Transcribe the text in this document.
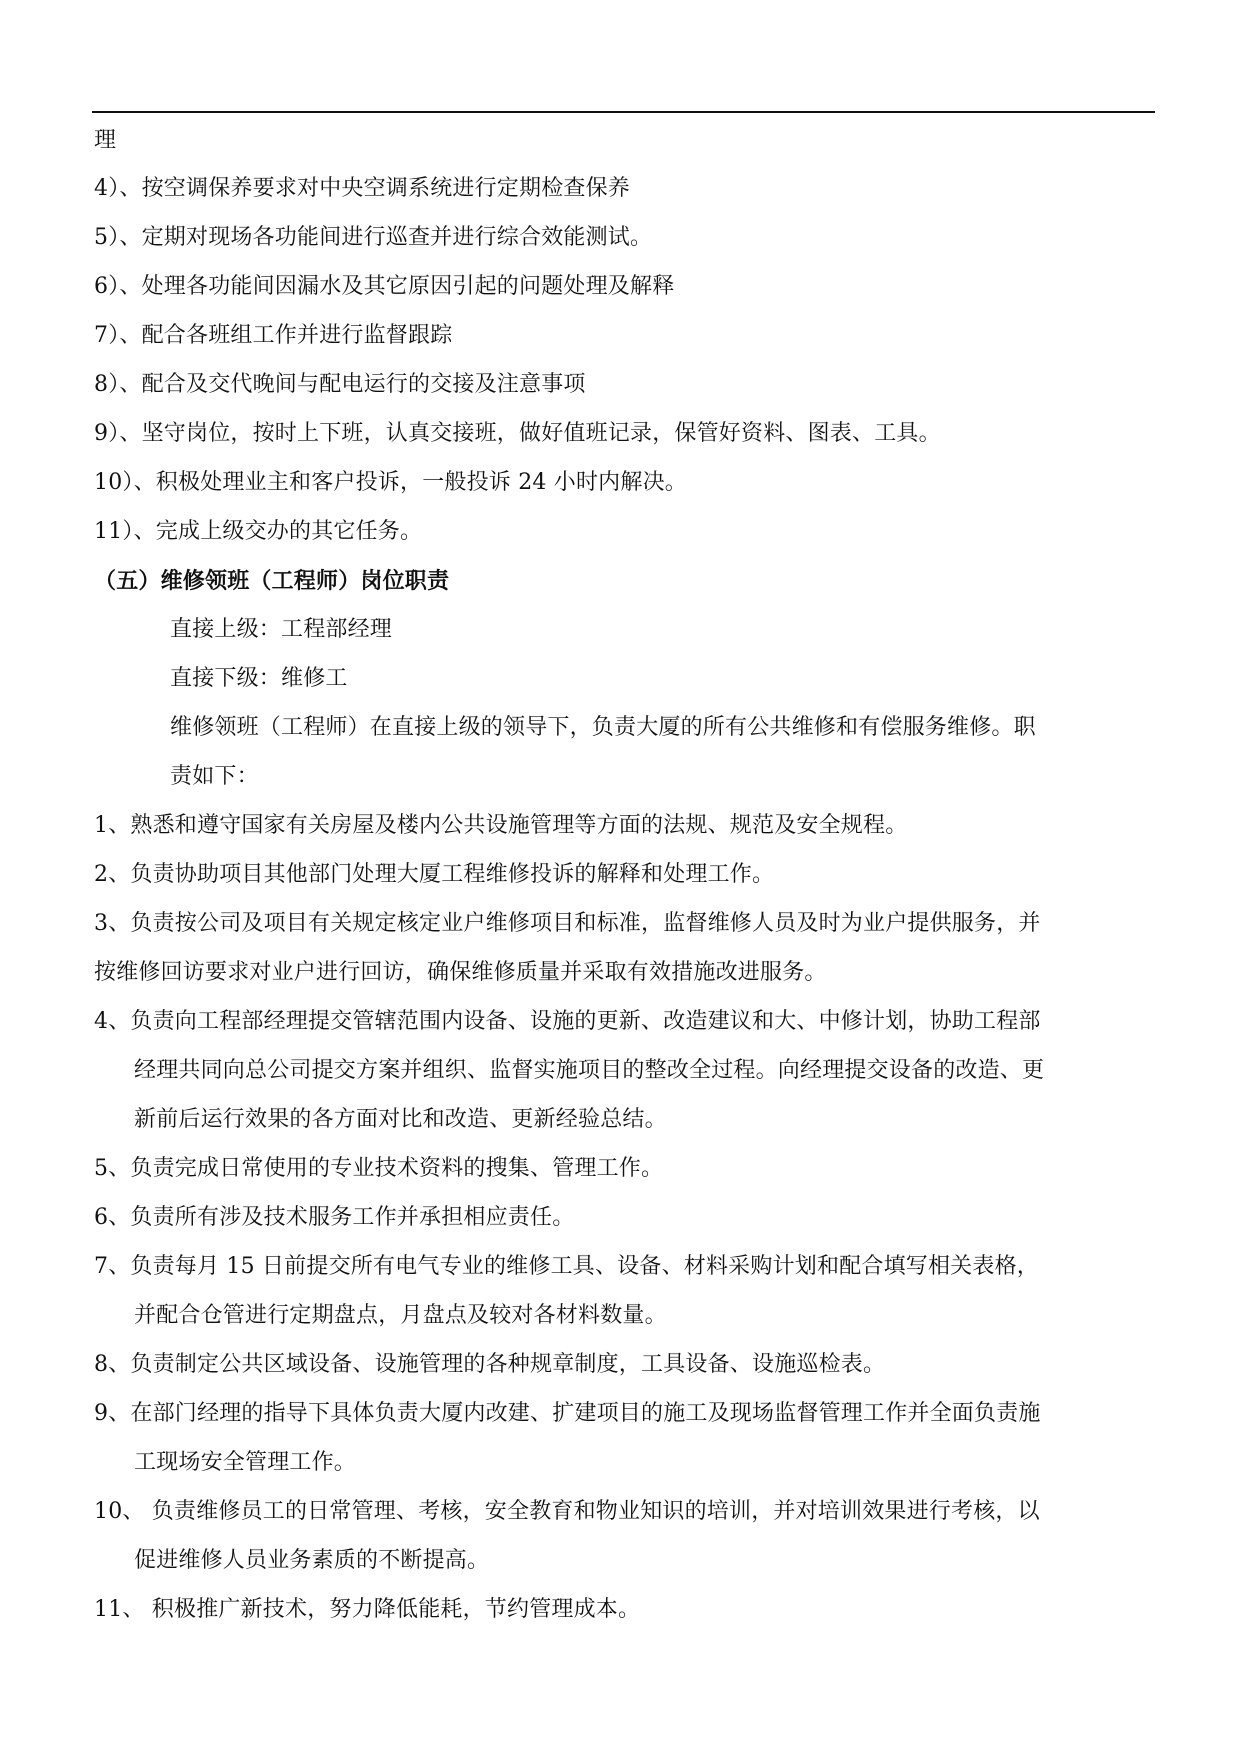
理
4）、按空调保养要求对中央空调系统进行定期检查保养
5）、定期对现场各功能间进行巡查并进行综合效能测试。
6）、处理各功能间因漏水及其它原因引起的问题处理及解释
7）、配合各班组工作并进行监督跟踪
8）、配合及交代晚间与配电运行的交接及注意事项
9）、坚守岗位，按时上下班，认真交接班，做好值班记录，保管好资料、图表、工具。
10）、积极处理业主和客户投诉，一般投诉 24 小时内解决。
11）、完成上级交办的其它任务。
（五）维修领班（工程师）岗位职责
直接上级：工程部经理
直接下级：维修工
维修领班（工程师）在直接上级的领导下，负责大厦的所有公共维修和有偿服务维修。职
责如下：
1、熟悉和遵守国家有关房屋及楼内公共设施管理等方面的法规、规范及安全规程。
2、负责协助项目其他部门处理大厦工程维修投诉的解释和处理工作。
3、负责按公司及项目有关规定核定业户维修项目和标准，监督维修人员及时为业户提供服务，并
按维修回访要求对业户进行回访，确保维修质量并采取有效措施改进服务。
4、负责向工程部经理提交管辖范围内设备、设施的更新、改造建议和大、中修计划，协助工程部
经理共同向总公司提交方案并组织、监督实施项目的整改全过程。向经理提交设备的改造、更
新前后运行效果的各方面对比和改造、更新经验总结。
5、负责完成日常使用的专业技术资料的搜集、管理工作。
6、负责所有涉及技术服务工作并承担相应责任。
7、负责每月 15 日前提交所有电气专业的维修工具、设备、材料采购计划和配合填写相关表格，
并配合仓管进行定期盘点，月盘点及较对各材料数量。
8、负责制定公共区域设备、设施管理的各种规章制度，工具设备、设施巡检表。
9、在部门经理的指导下具体负责大厦内改建、扩建项目的施工及现场监督管理工作并全面负责施
工现场安全管理工作。
10、 负责维修员工的日常管理、考核，安全教育和物业知识的培训，并对培训效果进行考核，以
促进维修人员业务素质的不断提高。
11、 积极推广新技术，努力降低能耗，节约管理成本。
